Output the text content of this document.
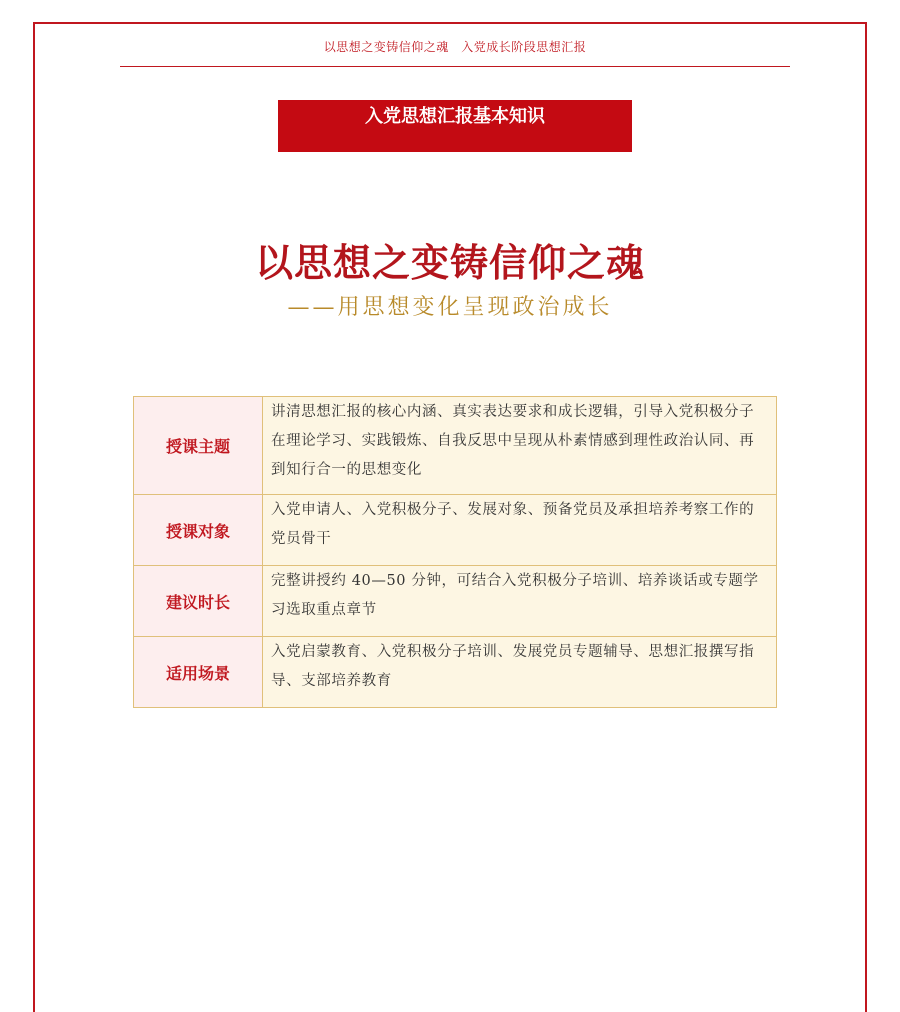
以思想之变铸信仰之魂　入党成长阶段思想汇报
入党思想汇报基本知识
以思想之变铸信仰之魂
——用思想变化呈现政治成长
授课主题	讲清思想汇报的核心内涵、真实表达要求和成长逻辑，引导入党积极分子在理论学习、实践锻炼、自我反思中呈现从朴素情感到理性政治认同、再到知行合一的思想变化
授课对象	入党申请人、入党积极分子、发展对象、预备党员及承担培养考察工作的党员骨干
建议时长	完整讲授约 40—50 分钟，可结合入党积极分子培训、培养谈话或专题学习选取重点章节
适用场景	入党启蒙教育、入党积极分子培训、发展党员专题辅导、思想汇报撰写指导、支部培养教育
